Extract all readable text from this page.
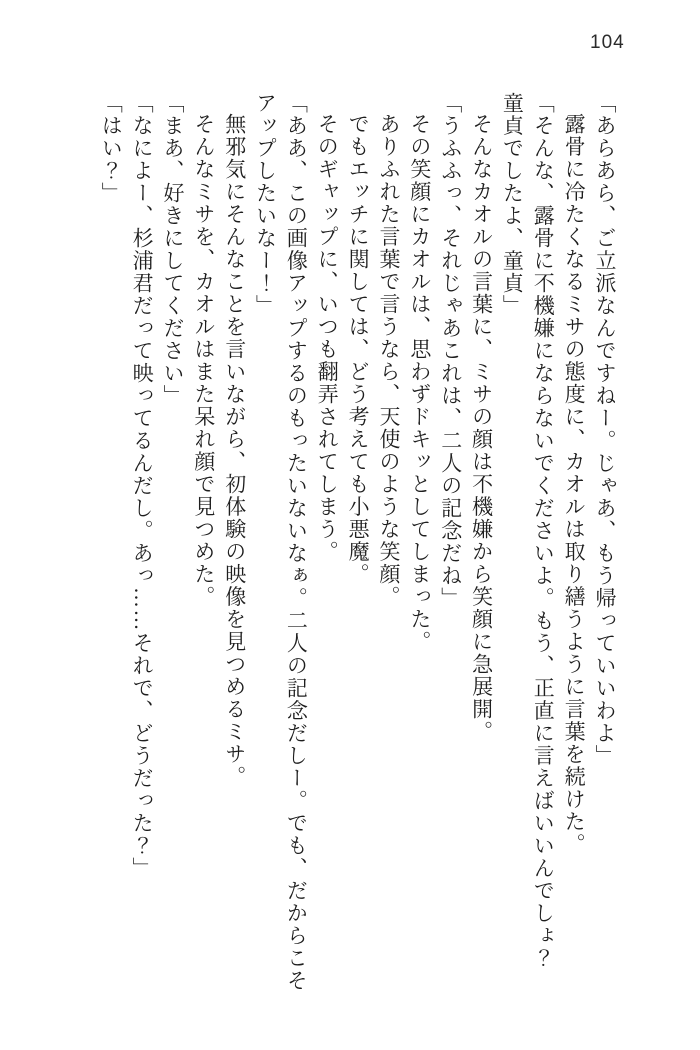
104

「あらあら、ご立派なんですねー。じゃあ、もう帰っていいわよ」

露骨に冷たくなるミサの態度に、カオルは取り繕うように言葉を続けた。

「そんな、露骨に不機嫌にならないでくださいよ。もう、正直に言えばいいんでしょ？

童貞でしたよ、童貞」

そんなカオルの言葉に、ミサの顔は不機嫌から笑顔に急展開。

「うふふっ、それじゃあこれは、二人の記念だね」

その笑顔にカオルは、思わずドキッとしてしまった。

ありふれた言葉で言うなら、天使のような笑顔。

でもエッチに関しては、どう考えても小悪魔。

そのギャップに、いつも翻弄されてしまう。

「ああ、この画像アップするのもったいないなぁ。二人の記念だしー。でも、だからこそ

アップしたいなー！」

無邪気にそんなことを言いながら、初体験の映像を見つめるミサ。

そんなミサを、カオルはまた呆れ顔で見つめた。

「まあ、好きにしてください」

「なによー、杉浦君だって映ってるんだし。あっ……それで、どうだった？」

「はい？」
